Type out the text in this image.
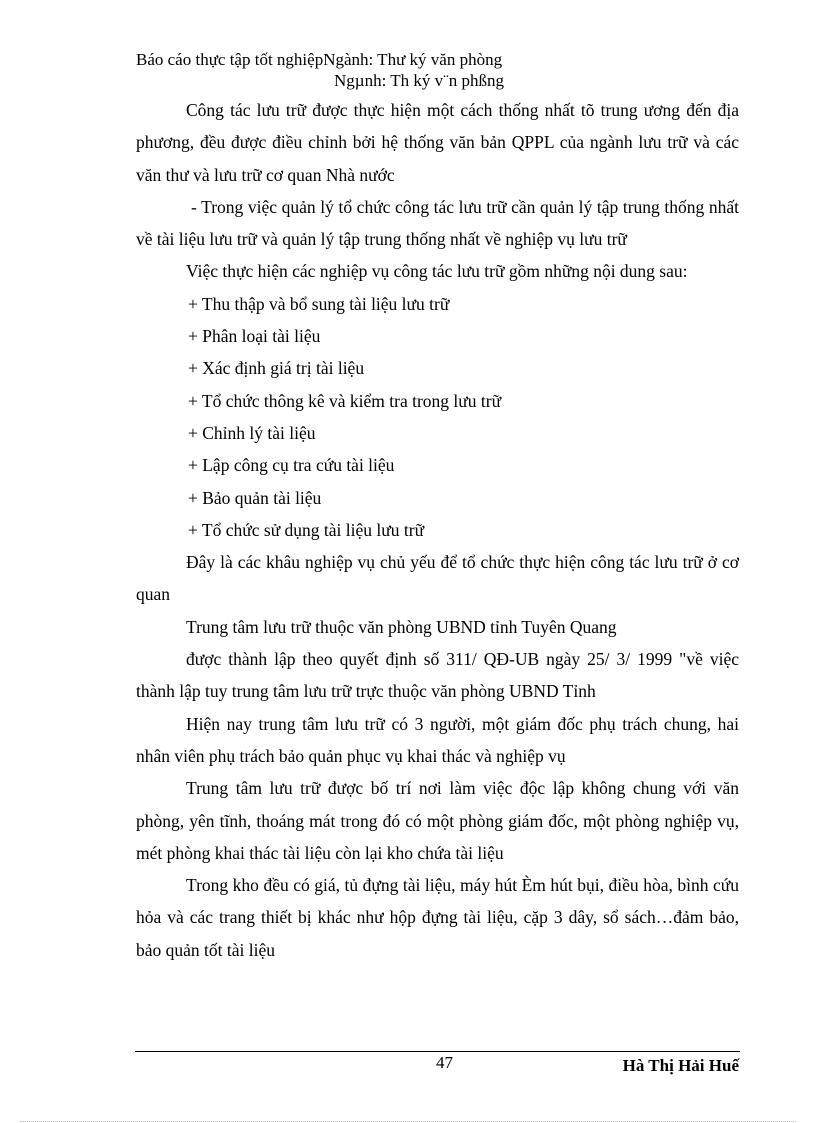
Báo cáo thực tập tốt nghiệpNgành: Thư ký văn phòng
Ngµnh: Th ký v¨n phßng

Công tác lưu trữ được thực hiện một cách thống nhất tõ trung ương đến địa phương, đều được điều chỉnh bởi hệ thống văn bản QPPL của ngành lưu trữ và các văn thư và lưu trữ cơ quan Nhà nước

- Trong việc quản lý tổ chức công tác lưu trữ cần quản lý tập trung thống nhất về tài liệu lưu trữ và quản lý tập trung thống nhất về nghiệp vụ lưu trữ

Việc thực hiện các nghiệp vụ công tác lưu trữ gồm những nội dung sau:

+ Thu thập và bổ sung tài liệu lưu trữ
+ Phân loại tài liệu
+ Xác định giá trị tài liệu
+ Tổ chức thông kê và kiểm tra trong lưu trữ
+ Chỉnh lý tài liệu
+ Lập công cụ tra cứu tài liệu
+ Bảo quản tài liệu
+ Tổ chức sử dụng tài liệu lưu trữ

Đây là các khâu nghiệp vụ chủ yếu để tổ chức thực hiện công tác lưu trữ ở cơ quan

Trung tâm lưu trữ thuộc văn phòng UBND tỉnh Tuyên Quang

được thành lập theo quyết định số 311/ QĐ-UB ngày 25/ 3/ 1999 "về việc thành lập tuy trung tâm lưu trữ trực thuộc văn phòng UBND Tỉnh

Hiện nay trung tâm lưu trữ có 3 người, một giám đốc phụ trách chung, hai nhân viên phụ trách bảo quản phục vụ khai thác và nghiệp vụ

Trung tâm lưu trữ được bố trí nơi làm việc độc lập không chung với văn phòng, yên tĩnh, thoáng mát trong đó có một phòng giám đốc, một phòng nghiệp vụ, mét phòng khai thác tài liệu còn lại kho chứa tài liệu

Trong kho đều có giá, tủ đựng tài liệu, máy hút Èm hút bụi, điều hòa, bình cứu hỏa và các trang thiết bị khác như hộp đựng tài liệu, cặp 3 dây, sổ sách…đảm bảo, bảo quản tốt tài liệu

47	Hà Thị Hải Huế
